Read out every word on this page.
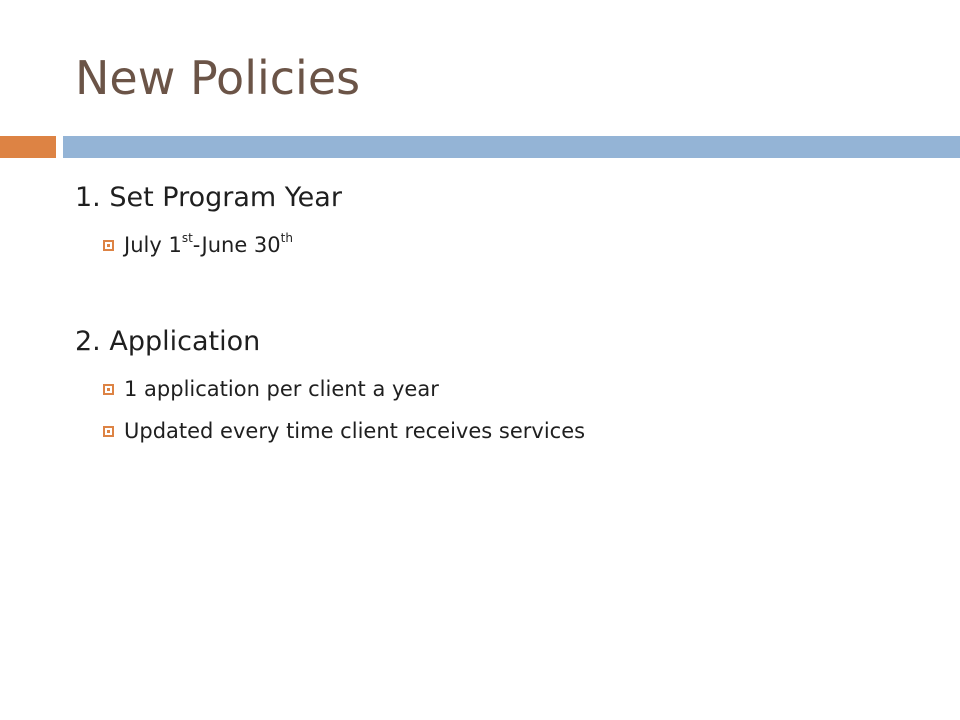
New Policies
1. Set Program Year
July 1st-June 30th
2. Application
1 application per client a year
Updated every time client receives services
